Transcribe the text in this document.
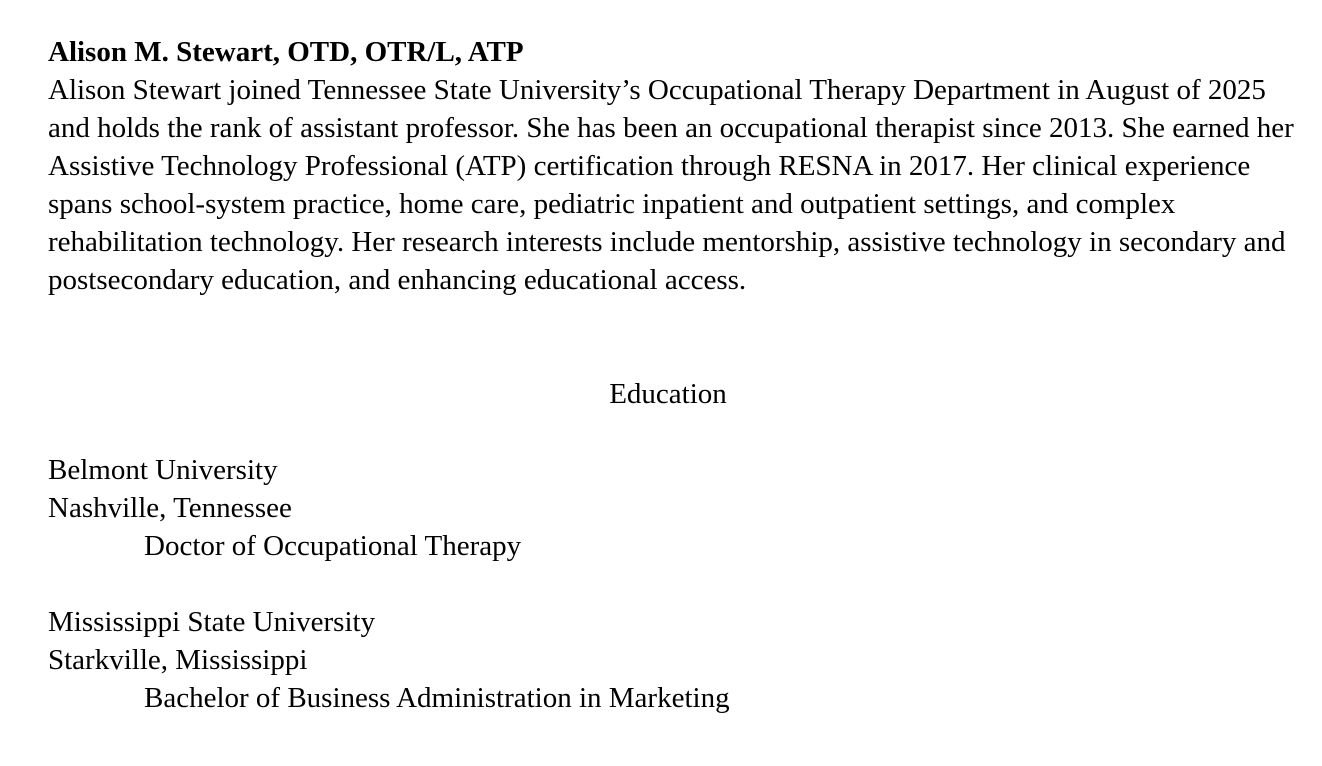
Alison M. Stewart, OTD, OTR/L, ATP
Alison Stewart joined Tennessee State University’s Occupational Therapy Department in August of 2025 and holds the rank of assistant professor. She has been an occupational therapist since 2013. She earned her Assistive Technology Professional (ATP) certification through RESNA in 2017. Her clinical experience spans school-system practice, home care, pediatric inpatient and outpatient settings, and complex rehabilitation technology. Her research interests include mentorship, assistive technology in secondary and postsecondary education, and enhancing educational access.
Education
Belmont University
Nashville, Tennessee
Doctor of Occupational Therapy
Mississippi State University
Starkville, Mississippi
Bachelor of Business Administration in Marketing
